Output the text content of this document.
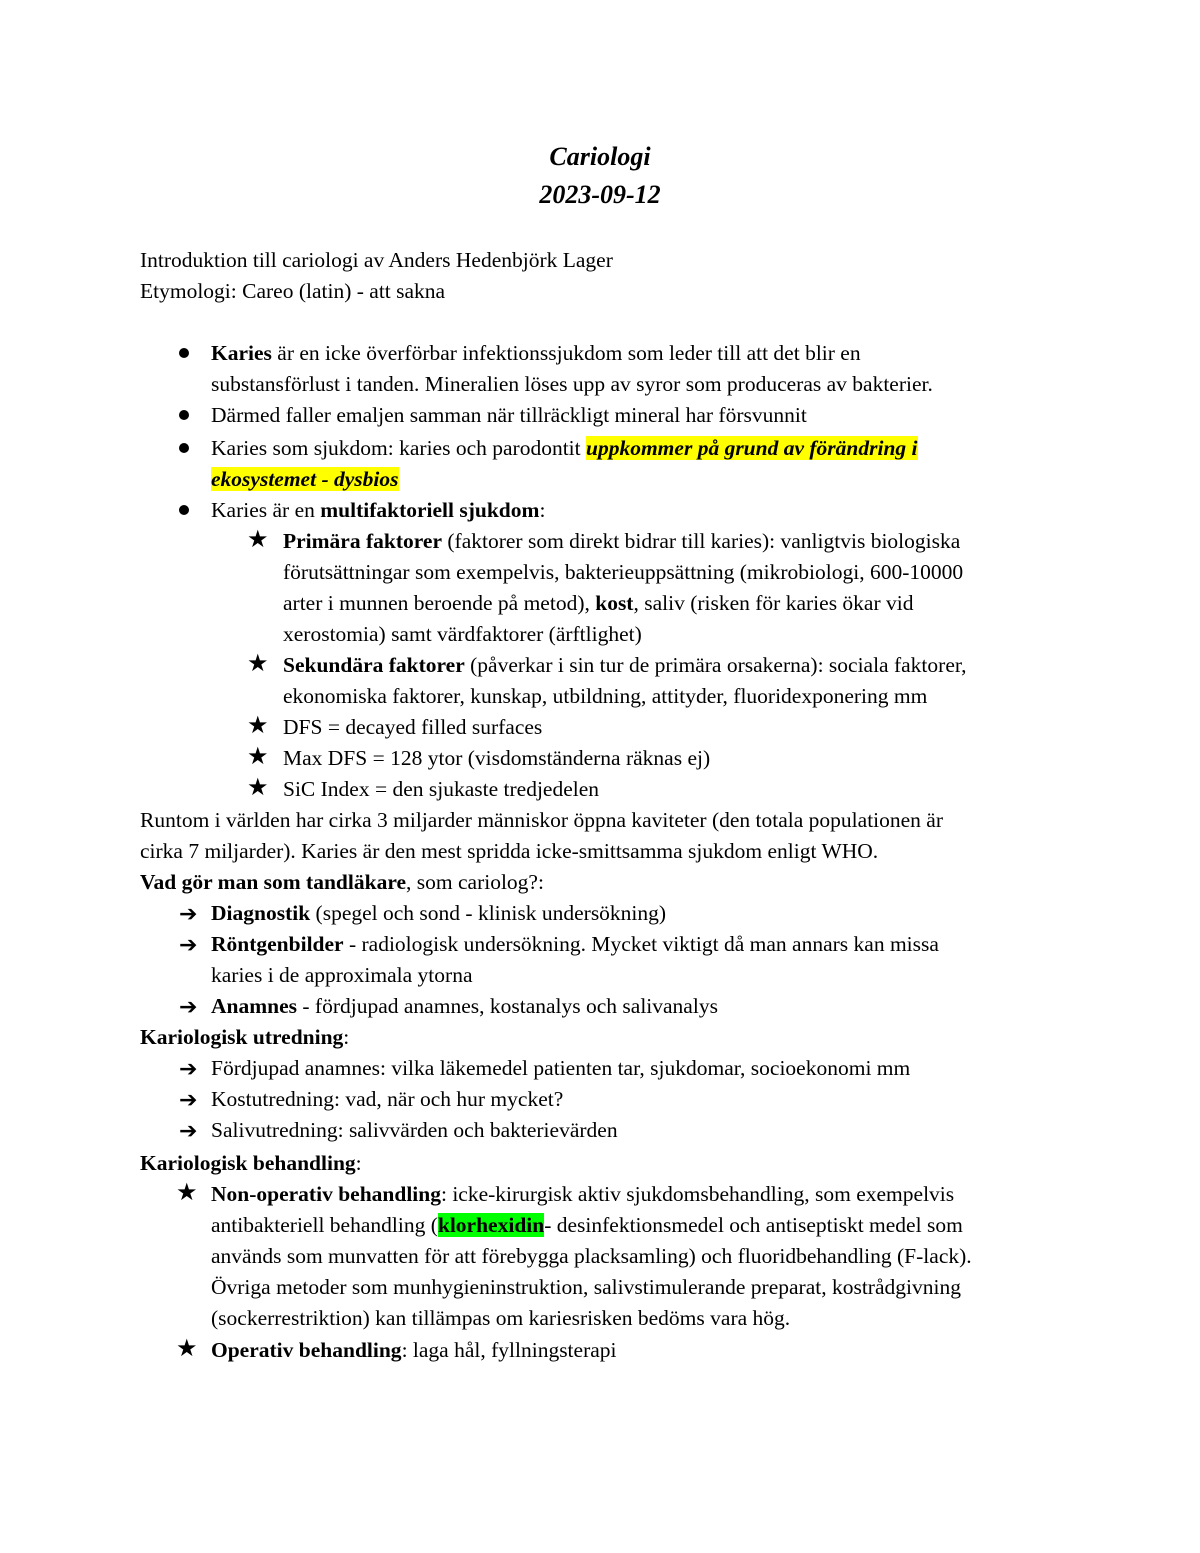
Cariologi
2023-09-12
Introduktion till cariologi av Anders Hedenbjörk Lager
Etymologi: Careo (latin) - att sakna
Karies är en icke överförbar infektionssjukdom som leder till att det blir en
substansförlust i tanden. Mineralien löses upp av syror som produceras av bakterier.
Därmed faller emaljen samman när tillräckligt mineral har försvunnit
Karies som sjukdom: karies och parodontit uppkommer på grund av förändring i
ekosystemet - dysbios
Karies är en multifaktoriell sjukdom:
★ Primära faktorer (faktorer som direkt bidrar till karies): vanligtvis biologiska
förutsättningar som exempelvis, bakterieuppsättning (mikrobiologi, 600-10000
arter i munnen beroende på metod), kost, saliv (risken för karies ökar vid
xerostomia) samt värdfaktorer (ärftlighet)
★ Sekundära faktorer (påverkar i sin tur de primära orsakerna): sociala faktorer,
ekonomiska faktorer, kunskap, utbildning, attityder, fluoridexponering mm
★ DFS = decayed filled surfaces
★ Max DFS = 128 ytor (visdomständerna räknas ej)
★ SiC Index = den sjukaste tredjedelen
Runtom i världen har cirka 3 miljarder människor öppna kaviteter (den totala populationen är
cirka 7 miljarder). Karies är den mest spridda icke-smittsamma sjukdom enligt WHO.
Vad gör man som tandläkare, som cariolog?:
➔ Diagnostik (spegel och sond - klinisk undersökning)
➔ Röntgenbilder - radiologisk undersökning. Mycket viktigt då man annars kan missa
karies i de approximala ytorna
➔ Anamnes - fördjupad anamnes, kostanalys och salivanalys
Kariologisk utredning:
➔ Fördjupad anamnes: vilka läkemedel patienten tar, sjukdomar, socioekonomi mm
➔ Kostutredning: vad, när och hur mycket?
➔ Salivutredning: salivvärden och bakterievärden
Kariologisk behandling:
★ Non-operativ behandling: icke-kirurgisk aktiv sjukdomsbehandling, som exempelvis
antibakteriell behandling (klorhexidin- desinfektionsmedel och antiseptiskt medel som
används som munvatten för att förebygga placksamling) och fluoridbehandling (F-lack).
Övriga metoder som munhygieninstruktion, salivstimulerande preparat, kostrådgivning
(sockerrestriktion) kan tillämpas om kariesrisken bedöms vara hög.
★ Operativ behandling: laga hål, fyllningsterapi
